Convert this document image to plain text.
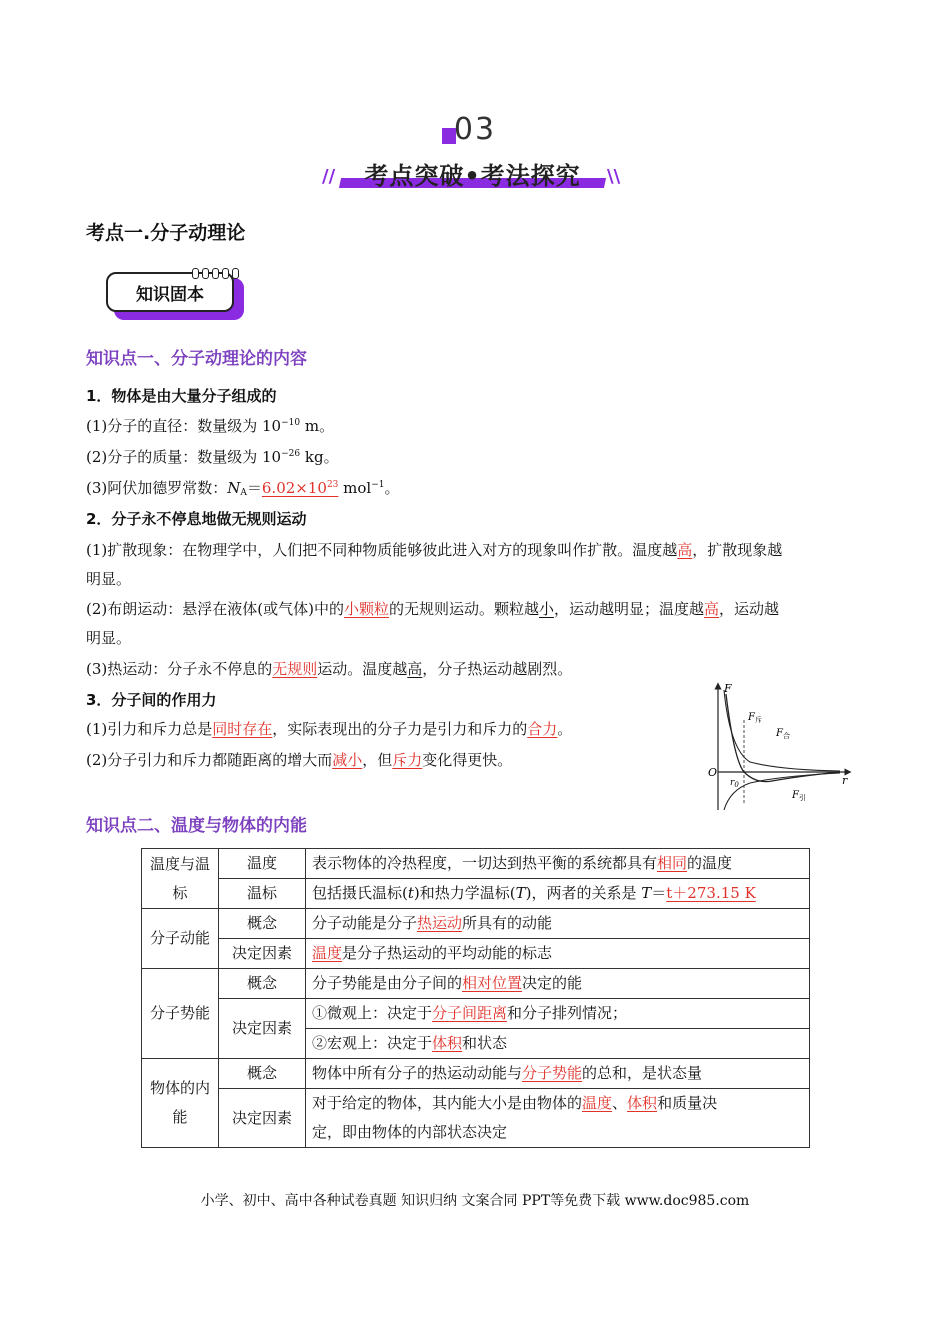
03
//	考点突破•考法探究	\\
考点一.分子动理论
知识固本
知识点一、分子动理论的内容
1．物体是由大量分子组成的
(1)分子的直径：数量级为 $10^{-10}$ m。
(2)分子的质量：数量级为 $10^{-26}$ kg。
(3)阿伏加德罗常数：$N_A=6.02\times 10^{23}$ mol$^{-1}$。
2．分子永不停息地做无规则运动
(1)扩散现象：在物理学中，人们把不同种物质能够彼此进入对方的现象叫作扩散。温度越高，扩散现象越
明显。
(2)布朗运动：悬浮在液体(或气体)中的小颗粒的无规则运动。颗粒越小，运动越明显；温度越高，运动越
明显。
(3)热运动：分子永不停息的无规则运动。温度越高，分子热运动越剧烈。
3．分子间的作用力
(1)引力和斥力总是同时存在，实际表现出的分子力是引力和斥力的合力。
(2)分子引力和斥力都随距离的增大而减小，但斥力变化得更快。
F
r
O
$r_0$
$F_斥$
$F_合$
$F_引$
知识点二、温度与物体的内能
温度与温标	温度	表示物体的冷热程度，一切达到热平衡的系统都具有相同的温度
	温标	包括摄氏温标(t)和热力学温标(T)，两者的关系是 T＝t＋273.15 K
分子动能	概念	分子动能是分子热运动所具有的动能
	决定因素	温度是分子热运动的平均动能的标志
分子势能	概念	分子势能是由分子间的相对位置决定的能
	决定因素	①微观上：决定于分子间距离和分子排列情况；
		②宏观上：决定于体积和状态
物体的内能	概念	物体中所有分子的热运动动能与分子势能的总和，是状态量
	决定因素	对于给定的物体，其内能大小是由物体的温度、体积和质量决
定，即由物体的内部状态决定
小学、初中、高中各种试卷真题 知识归纳 文案合同 PPT等免费下载 www.doc985.com
